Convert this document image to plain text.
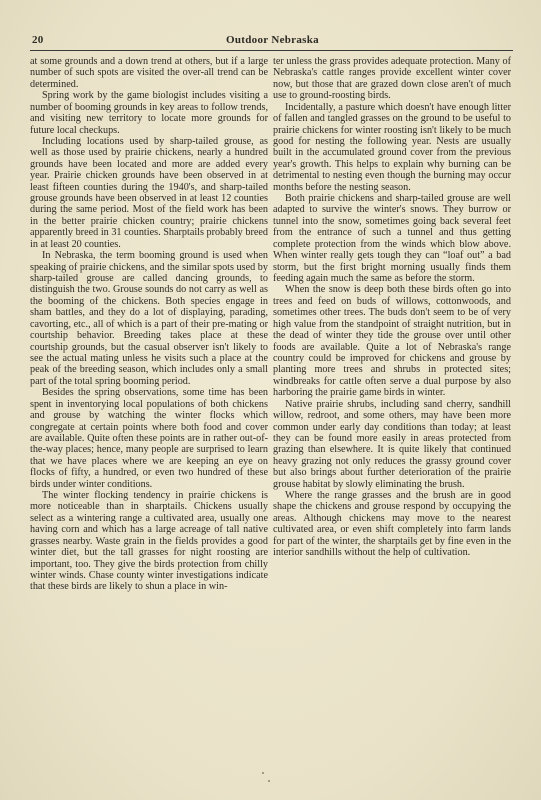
20	Outdoor Nebraska

at some grounds and a down trend at others, but if a large number of such spots are visited the over-all trend can be determined.

Spring work by the game biologist includes visiting a number of booming grounds in key areas to follow trends, and visiting new territory to locate more grounds for future local checkups.

Including locations used by sharp-tailed grouse, as well as those used by prairie chickens, nearly a hundred grounds have been located and more are added every year. Prairie chicken grounds have been observed in at least fifteen counties during the 1940's, and sharp-tailed grouse grounds have been observed in at least 12 counties during the same period. Most of the field work has been in the better prairie chicken country; prairie chickens apparently breed in 31 counties. Sharptails probably breed in at least 20 counties.

In Nebraska, the term booming ground is used when speaking of prairie chickens, and the similar spots used by sharp-tailed grouse are called dancing grounds, to distinguish the two. Grouse sounds do not carry as well as the booming of the chickens. Both species engage in sham battles, and they do a lot of displaying, parading, cavorting, etc., all of which is a part of their pre-mating or courtship behavior. Breeding takes place at these courtship grounds, but the casual observer isn't likely to see the actual mating unless he visits such a place at the peak of the breeding season, which includes only a small part of the total spring booming period.

Besides the spring observations, some time has been spent in inventorying local populations of both chickens and grouse by watching the winter flocks which congregate at certain points where both food and cover are available. Quite often these points are in rather out-of-the-way places; hence, many people are surprised to learn that we have places where we are keeping an eye on flocks of fifty, a hundred, or even two hundred of these birds under winter conditions.

The winter flocking tendency in prairie chickens is more noticeable than in sharptails. Chickens usually select as a wintering range a cultivated area, usually one having corn and which has a large acreage of tall native grasses nearby. Waste grain in the fields provides a good winter diet, but the tall grasses for night roosting are important, too. They give the birds protection from chilly winter winds. Chase county winter investigations indicate that these birds are likely to shun a place in win-

ter unless the grass provides adequate protection. Many of Nebraska's cattle ranges provide excellent winter cover now, but those that are grazed down close aren't of much use to ground-roosting birds.

Incidentally, a pasture which doesn't have enough litter of fallen and tangled grasses on the ground to be useful to prairie chickens for winter roosting isn't likely to be much good for nesting the following year. Nests are usually built in the accumulated ground cover from the previous year's growth. This helps to explain why burning can be detrimental to nesting even though the burning may occur months before the nesting season.

Both prairie chickens and sharp-tailed grouse are well adapted to survive the winter's snows. They burrow or tunnel into the snow, sometimes going back several feet from the entrance of such a tunnel and thus getting complete protection from the winds which blow above. When winter really gets tough they can “loaf out” a bad storm, but the first bright morning usually finds them feeding again much the same as before the storm.

When the snow is deep both these birds often go into trees and feed on buds of willows, cottonwoods, and sometimes other trees. The buds don't seem to be of very high value from the standpoint of straight nutrition, but in the dead of winter they tide the grouse over until other foods are available. Quite a lot of Nebraska's range country could be improved for chickens and grouse by planting more trees and shrubs in protected sites; windbreaks for cattle often serve a dual purpose by also harboring the prairie game birds in winter.

Native prairie shrubs, including sand cherry, sandhill willow, redroot, and some others, may have been more common under early day conditions than today; at least they can be found more easily in areas protected from grazing than elsewhere. It is quite likely that continued heavy grazing not only reduces the grassy ground cover but also brings about further deterioration of the prairie grouse habitat by slowly eliminating the brush.

Where the range grasses and the brush are in good shape the chickens and grouse respond by occupying the areas. Although chickens may move to the nearest cultivated area, or even shift completely into farm lands for part of the winter, the sharptails get by fine even in the interior sandhills without the help of cultivation.
